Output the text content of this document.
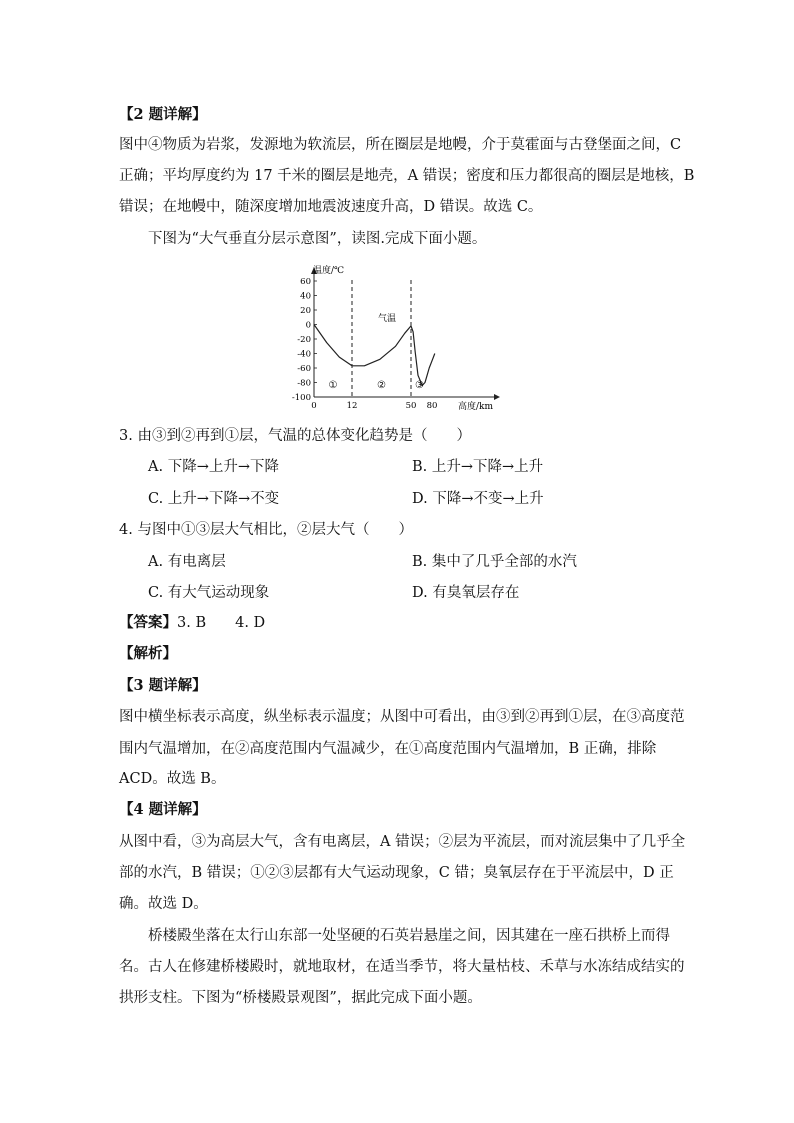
【2 题详解】
图中④物质为岩浆，发源地为软流层，所在圈层是地幔，介于莫霍面与古登堡面之间，C
正确；平均厚度约为 17 千米的圈层是地壳，A 错误；密度和压力都很高的圈层是地核，B
错误；在地幔中，随深度增加地震波速度升高，D 错误。故选 C。
下图为“大气垂直分层示意图”，读图.完成下面小题。
温度/℃
高度/km
60
40
20
0
-20
-40
-60
-80
-100
0	12	50 80
气温
①	②	③
3. 由③到②再到①层，气温的总体变化趋势是（　　）
A. 下降→上升→下降	B. 上升→下降→上升
C. 上升→下降→不变	D. 下降→不变→上升
4. 与图中①③层大气相比，②层大气（　　）
A. 有电离层	B. 集中了几乎全部的水汽
C. 有大气运动现象	D. 有臭氧层存在
【答案】3. B　　4. D
【解析】
【3 题详解】
图中横坐标表示高度，纵坐标表示温度；从图中可看出，由③到②再到①层，在③高度范
围内气温增加，在②高度范围内气温减少，在①高度范围内气温增加，B 正确，排除
ACD。故选 B。
【4 题详解】
从图中看，③为高层大气，含有电离层，A 错误；②层为平流层，而对流层集中了几乎全
部的水汽，B 错误；①②③层都有大气运动现象，C 错；臭氧层存在于平流层中，D 正
确。故选 D。
桥楼殿坐落在太行山东部一处坚硬的石英岩悬崖之间，因其建在一座石拱桥上而得
名。古人在修建桥楼殿时，就地取材，在适当季节，将大量枯枝、禾草与水冻结成结实的
拱形支柱。下图为“桥楼殿景观图”，据此完成下面小题。
